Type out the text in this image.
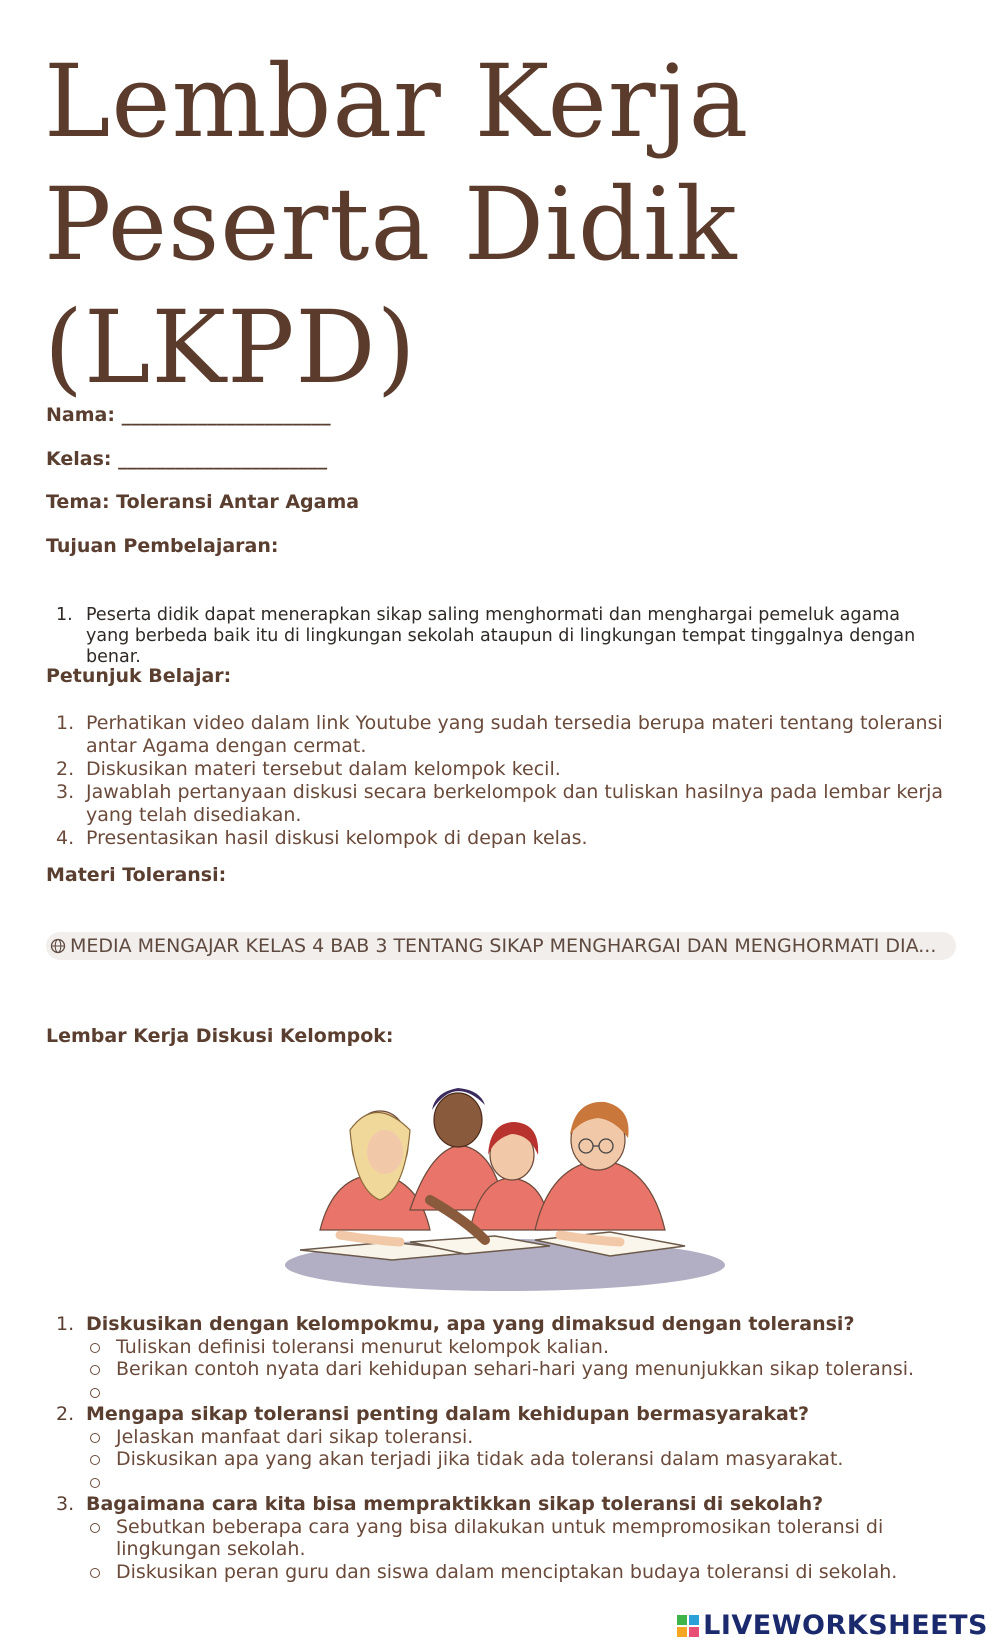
Lembar Kerja
Peserta Didik
(LKPD)
Nama: ______________________
Kelas: ______________________
Tema: Toleransi Antar Agama
Tujuan Pembelajaran:
1. Peserta didik dapat menerapkan sikap saling menghormati dan menghargai pemeluk agama yang berbeda baik itu di lingkungan sekolah ataupun di lingkungan tempat tinggalnya dengan benar.
Petunjuk Belajar:
1. Perhatikan video dalam link Youtube yang sudah tersedia berupa materi tentang toleransi antar Agama dengan cermat.
2. Diskusikan materi tersebut dalam kelompok kecil.
3. Jawablah pertanyaan diskusi secara berkelompok dan tuliskan hasilnya pada lembar kerja yang telah disediakan.
4. Presentasikan hasil diskusi kelompok di depan kelas.
Materi Toleransi:
MEDIA MENGAJAR KELAS 4 BAB 3 TENTANG SIKAP MENGHARGAI DAN MENGHORMATI DIA...
Lembar Kerja Diskusi Kelompok:
1. Diskusikan dengan kelompokmu, apa yang dimaksud dengan toleransi?
Tuliskan definisi toleransi menurut kelompok kalian.
Berikan contoh nyata dari kehidupan sehari-hari yang menunjukkan sikap toleransi.
2. Mengapa sikap toleransi penting dalam kehidupan bermasyarakat?
Jelaskan manfaat dari sikap toleransi.
Diskusikan apa yang akan terjadi jika tidak ada toleransi dalam masyarakat.
3. Bagaimana cara kita bisa mempraktikkan sikap toleransi di sekolah?
Sebutkan beberapa cara yang bisa dilakukan untuk mempromosikan toleransi di lingkungan sekolah.
Diskusikan peran guru dan siswa dalam menciptakan budaya toleransi di sekolah.
LIVEWORKSHEETS
